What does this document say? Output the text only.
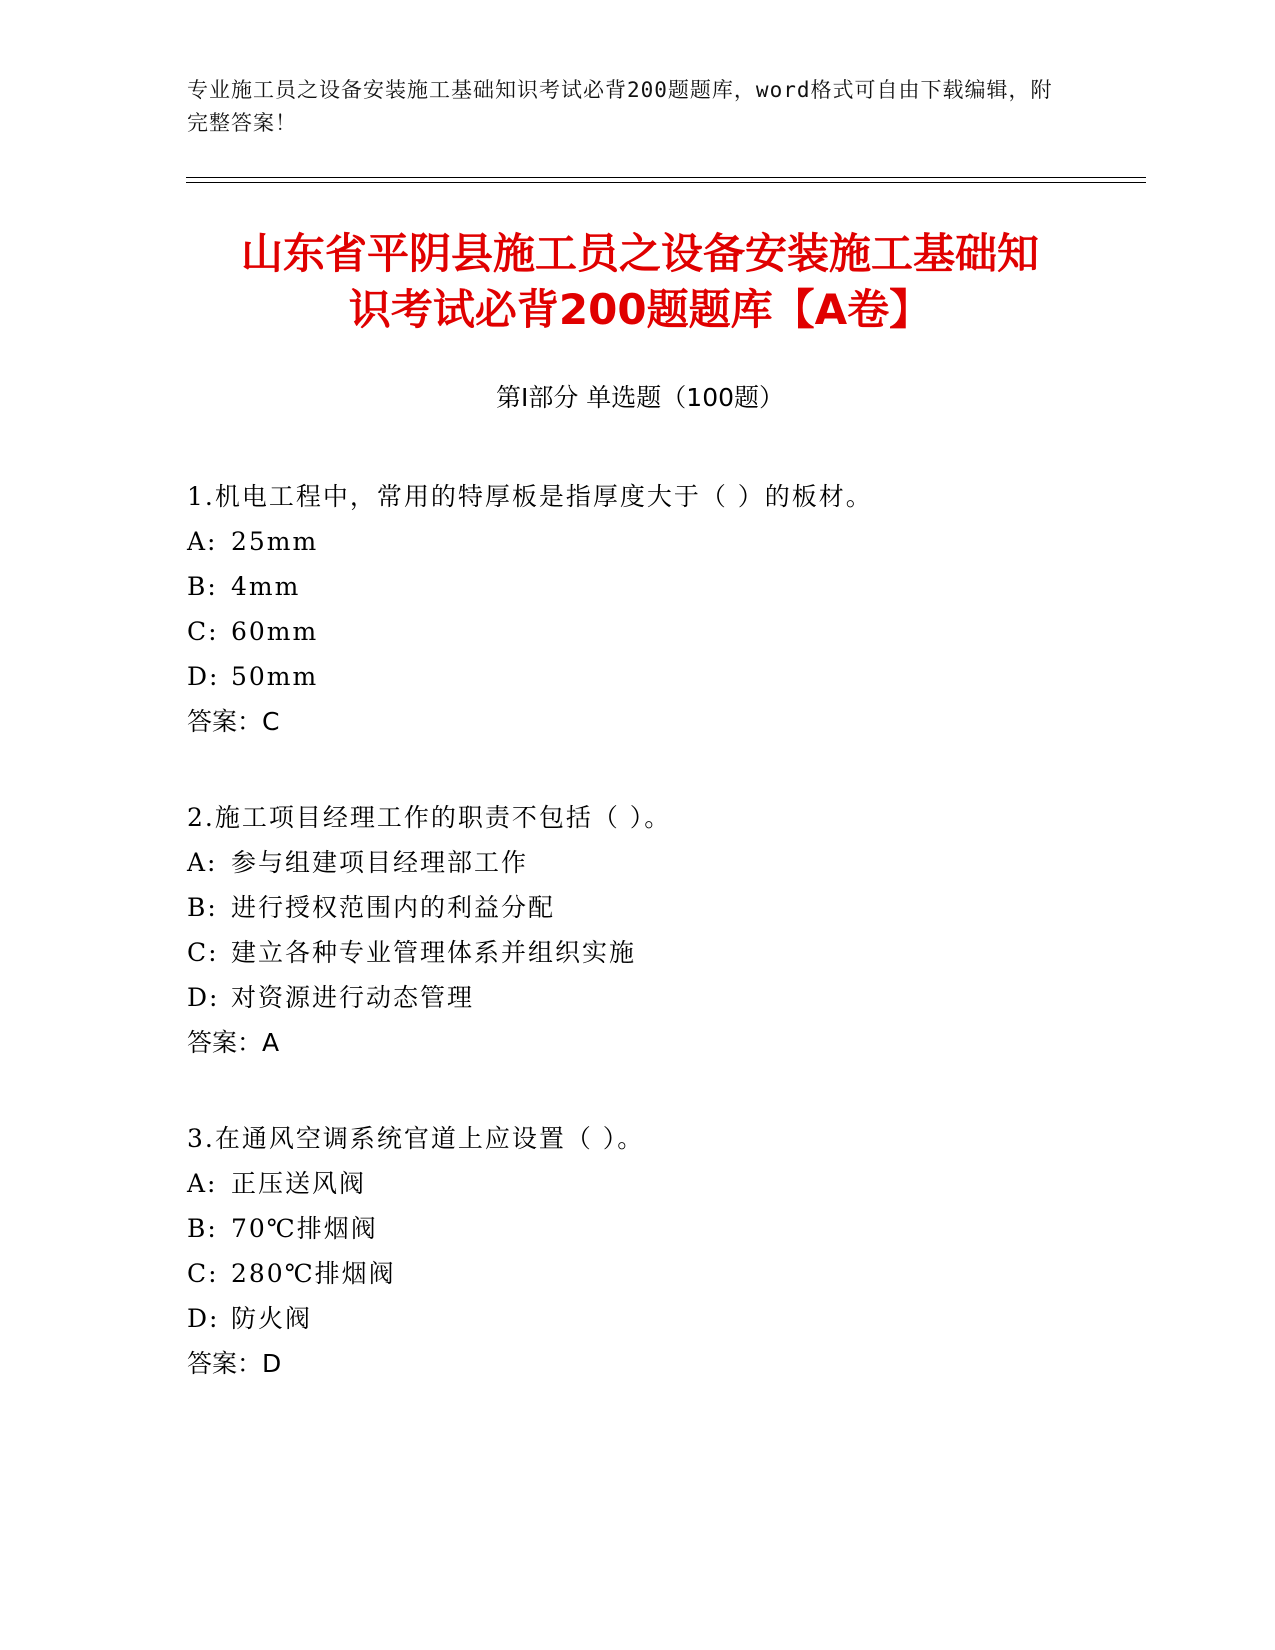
专业施工员之设备安装施工基础知识考试必背200题题库，word格式可自由下载编辑，附完整答案！
山东省平阴县施工员之设备安装施工基础知
识考试必背200题题库【A卷】
第Ⅰ部分 单选题（100题）
1.机电工程中，常用的特厚板是指厚度大于（ ）的板材。
A: 25mm
B: 4mm
C: 60mm
D: 50mm
答案：C
2.施工项目经理工作的职责不包括（ ）。
A: 参与组建项目经理部工作
B: 进行授权范围内的利益分配
C: 建立各种专业管理体系并组织实施
D: 对资源进行动态管理
答案：A
3.在通风空调系统官道上应设置（ ）。
A: 正压送风阀
B: 70℃排烟阀
C: 280℃排烟阀
D: 防火阀
答案：D
